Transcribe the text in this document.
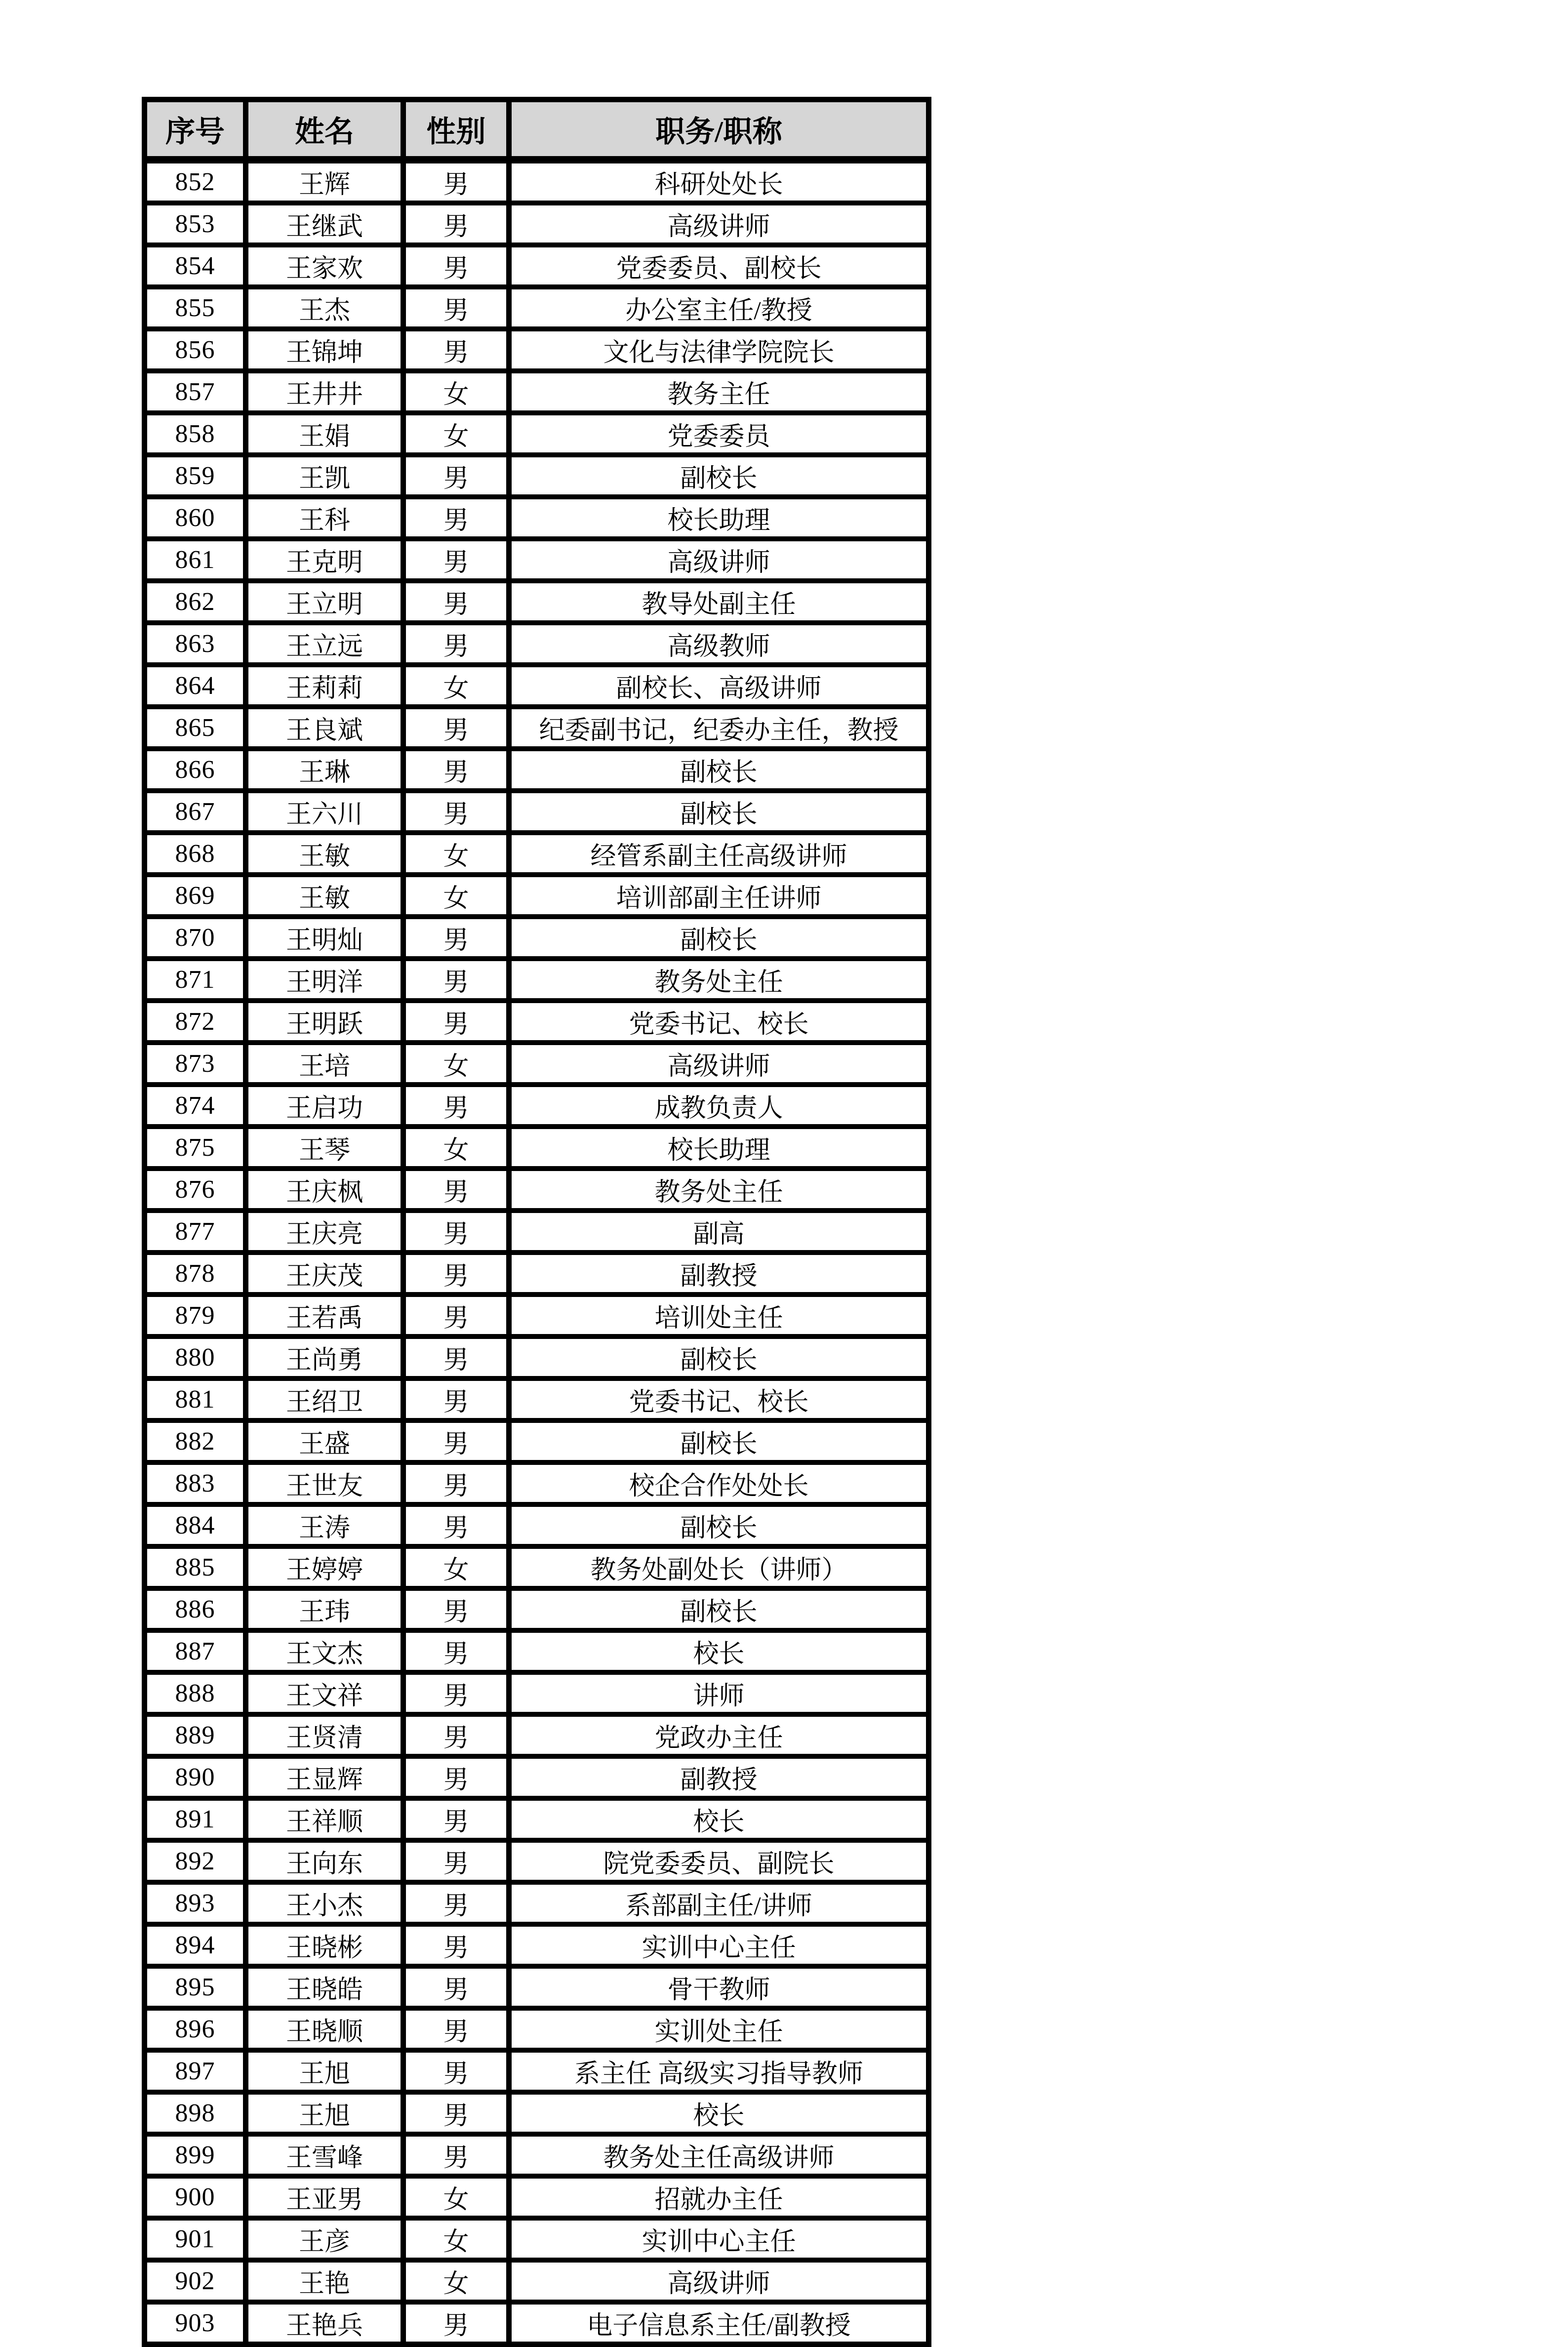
序号	姓名	性别	职务/职称
852	王辉	男	科研处处长
853	王继武	男	高级讲师
854	王家欢	男	党委委员、副校长
855	王杰	男	办公室主任/教授
856	王锦坤	男	文化与法律学院院长
857	王井井	女	教务主任
858	王娟	女	党委委员
859	王凯	男	副校长
860	王科	男	校长助理
861	王克明	男	高级讲师
862	王立明	男	教导处副主任
863	王立远	男	高级教师
864	王莉莉	女	副校长、高级讲师
865	王良斌	男	纪委副书记，纪委办主任，教授
866	王琳	男	副校长
867	王六川	男	副校长
868	王敏	女	经管系副主任高级讲师
869	王敏	女	培训部副主任讲师
870	王明灿	男	副校长
871	王明洋	男	教务处主任
872	王明跃	男	党委书记、校长
873	王培	女	高级讲师
874	王启功	男	成教负责人
875	王琴	女	校长助理
876	王庆枫	男	教务处主任
877	王庆亮	男	副高
878	王庆茂	男	副教授
879	王若禹	男	培训处主任
880	王尚勇	男	副校长
881	王绍卫	男	党委书记、校长
882	王盛	男	副校长
883	王世友	男	校企合作处处长
884	王涛	男	副校长
885	王婷婷	女	教务处副处长（讲师）
886	王玮	男	副校长
887	王文杰	男	校长
888	王文祥	男	讲师
889	王贤清	男	党政办主任
890	王显辉	男	副教授
891	王祥顺	男	校长
892	王向东	男	院党委委员、副院长
893	王小杰	男	系部副主任/讲师
894	王晓彬	男	实训中心主任
895	王晓皓	男	骨干教师
896	王晓顺	男	实训处主任
897	王旭	男	系主任 高级实习指导教师
898	王旭	男	校长
899	王雪峰	男	教务处主任高级讲师
900	王亚男	女	招就办主任
901	王彦	女	实训中心主任
902	王艳	女	高级讲师
903	王艳兵	男	电子信息系主任/副教授
